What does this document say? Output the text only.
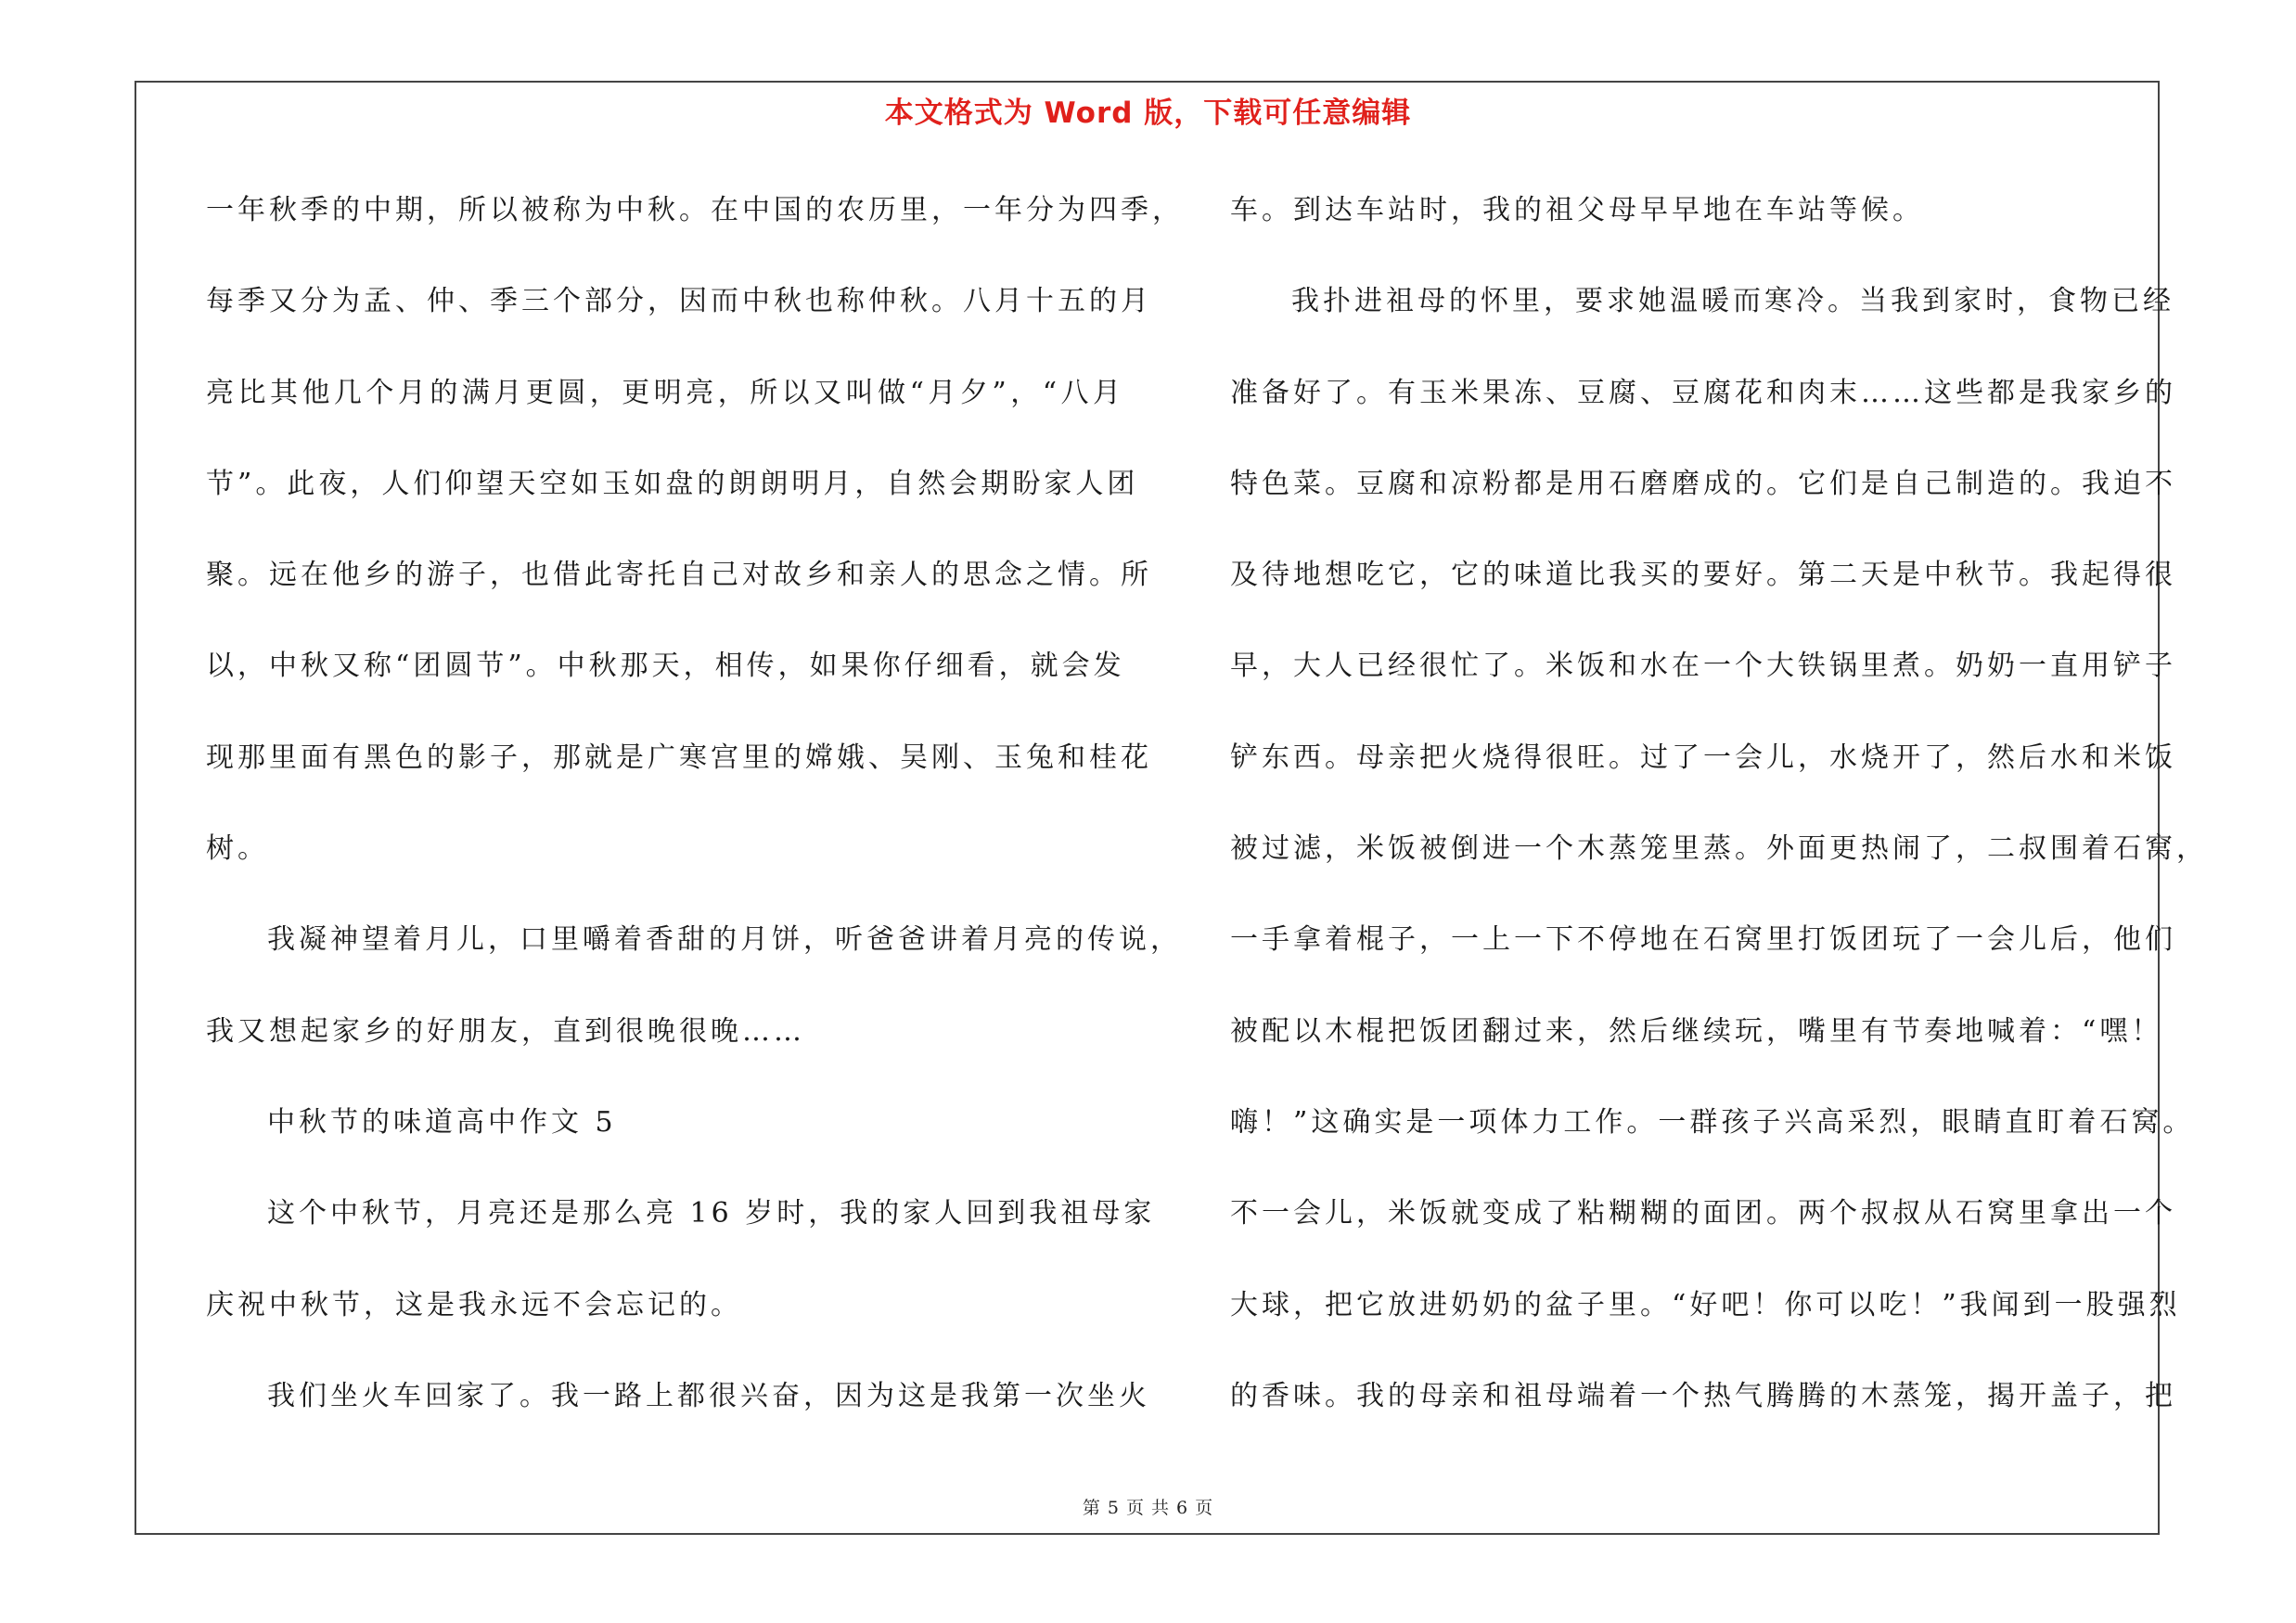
本文格式为 Word 版，下载可任意编辑
一年秋季的中期，所以被称为中秋。在中国的农历里，一年分为四季，
每季又分为孟、仲、季三个部分，因而中秋也称仲秋。八月十五的月
亮比其他几个月的满月更圆，更明亮，所以又叫做“月夕”，“八月
节”。此夜，人们仰望天空如玉如盘的朗朗明月，自然会期盼家人团
聚。远在他乡的游子，也借此寄托自己对故乡和亲人的思念之情。所
以，中秋又称“团圆节”。中秋那天，相传，如果你仔细看，就会发
现那里面有黑色的影子，那就是广寒宫里的嫦娥、吴刚、玉兔和桂花
树。
我凝神望着月儿，口里嚼着香甜的月饼，听爸爸讲着月亮的传说，
我又想起家乡的好朋友，直到很晚很晚……
中秋节的味道高中作文 5
这个中秋节，月亮还是那么亮 16 岁时，我的家人回到我祖母家
庆祝中秋节，这是我永远不会忘记的。
我们坐火车回家了。我一路上都很兴奋，因为这是我第一次坐火
车。到达车站时，我的祖父母早早地在车站等候。
我扑进祖母的怀里，要求她温暖而寒冷。当我到家时，食物已经
准备好了。有玉米果冻、豆腐、豆腐花和肉末……这些都是我家乡的
特色菜。豆腐和凉粉都是用石磨磨成的。它们是自己制造的。我迫不
及待地想吃它，它的味道比我买的要好。第二天是中秋节。我起得很
早，大人已经很忙了。米饭和水在一个大铁锅里煮。奶奶一直用铲子
铲东西。母亲把火烧得很旺。过了一会儿，水烧开了，然后水和米饭
被过滤，米饭被倒进一个木蒸笼里蒸。外面更热闹了，二叔围着石窝，
一手拿着棍子，一上一下不停地在石窝里打饭团玩了一会儿后，他们
被配以木棍把饭团翻过来，然后继续玩，嘴里有节奏地喊着：“嘿！
嗨！”这确实是一项体力工作。一群孩子兴高采烈，眼睛直盯着石窝。
不一会儿，米饭就变成了粘糊糊的面团。两个叔叔从石窝里拿出一个
大球，把它放进奶奶的盆子里。“好吧！你可以吃！”我闻到一股强烈
的香味。我的母亲和祖母端着一个热气腾腾的木蒸笼，揭开盖子，把
第 5 页 共 6 页
